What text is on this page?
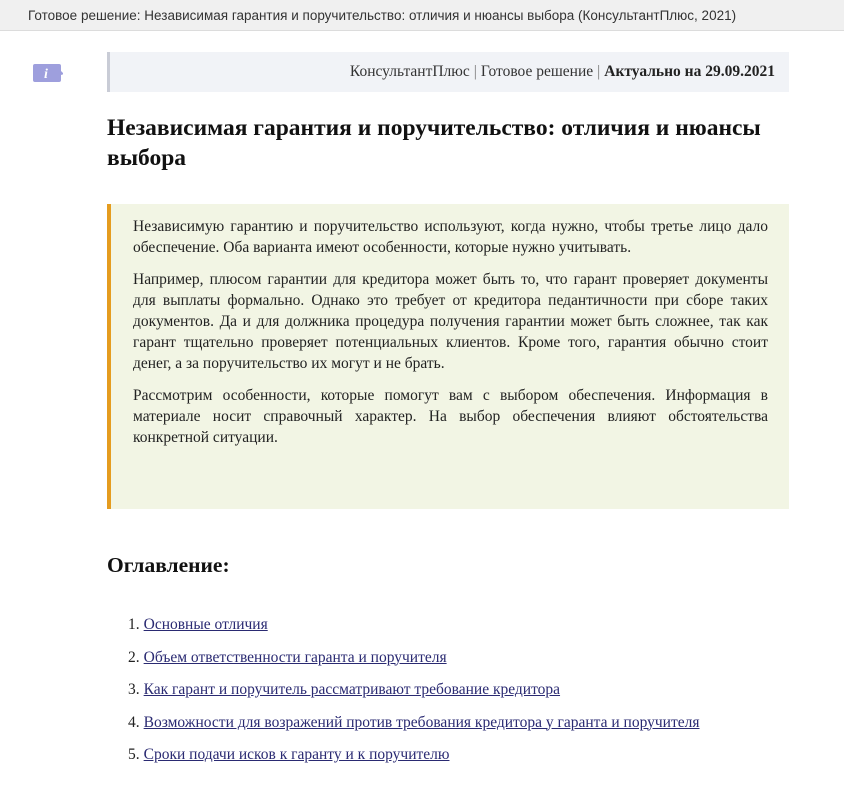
Готовое решение: Независимая гарантия и поручительство: отличия и нюансы выбора (КонсультантПлюс, 2021)
i	КонсультантПлюс | Готовое решение | Актуально на 29.09.2021
Независимая гарантия и поручительство: отличия и нюансы выбора

Независимую гарантию и поручительство используют, когда нужно, чтобы третье лицо дало обеспечение. Оба варианта имеют особенности, которые нужно учитывать.

Например, плюсом гарантии для кредитора может быть то, что гарант проверяет документы для выплаты формально. Однако это требует от кредитора педантичности при сборе таких документов. Да и для должника процедура получения гарантии может быть сложнее, так как гарант тщательно проверяет потенциальных клиентов. Кроме того, гарантия обычно стоит денег, а за поручительство их могут и не брать.

Рассмотрим особенности, которые помогут вам с выбором обеспечения. Информация в материале носит справочный характер. На выбор обеспечения влияют обстоятельства конкретной ситуации.

Оглавление:
1. Основные отличия
2. Объем ответственности гаранта и поручителя
3. Как гарант и поручитель рассматривают требование кредитора
4. Возможности для возражений против требования кредитора у гаранта и поручителя
5. Сроки подачи исков к гаранту и к поручителю
